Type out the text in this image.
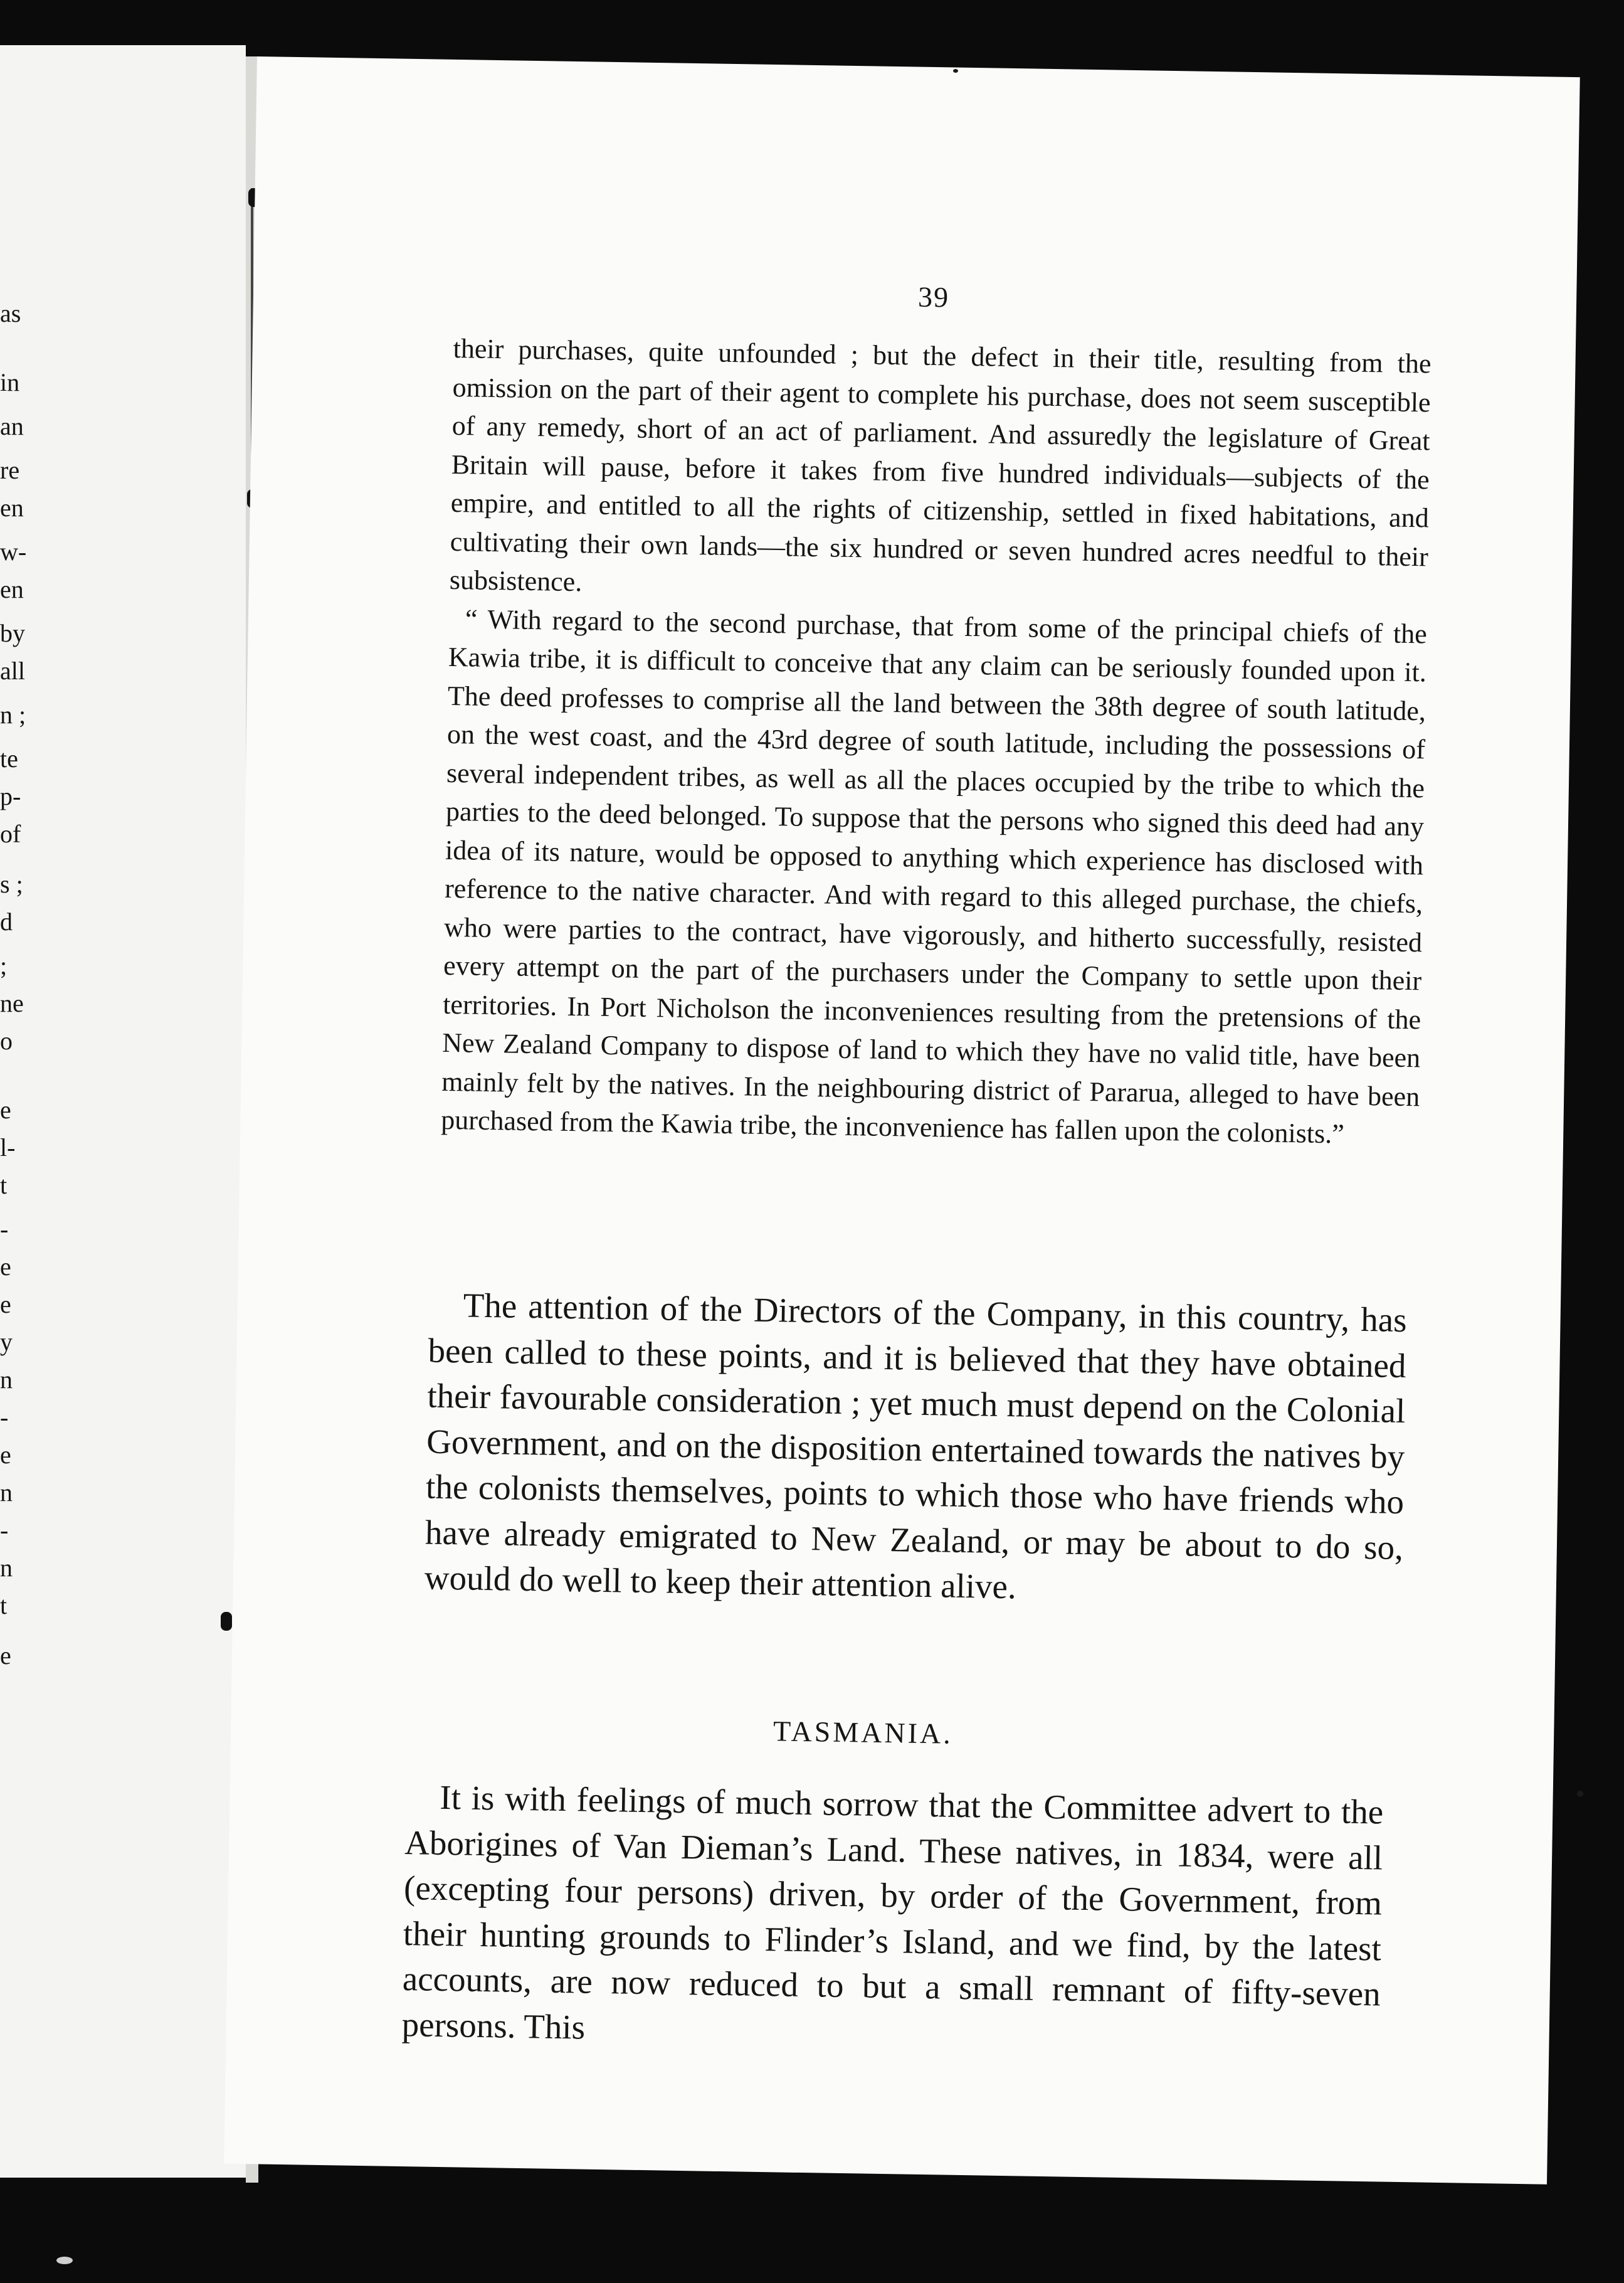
as
in
an
re
en
w-
en
by
all
n ;
te
p-
of
s ;
d
;
ne
o
e
l-
t
-
e
e
y
n
-
e
n
-
n
t
e
39

their purchases, quite unfounded ; but the defect in their title, resulting from the omission on the part of their agent to complete his purchase, does not seem susceptible of any remedy, short of an act of parliament. And assuredly the legislature of Great Britain will pause, before it takes from five hundred individuals—subjects of the empire, and entitled to all the rights of citizenship, settled in fixed habitations, and cultivating their own lands—the six hundred or seven hundred acres needful to their subsistence.

“ With regard to the second purchase, that from some of the principal chiefs of the Kawia tribe, it is difficult to conceive that any claim can be seriously founded upon it. The deed professes to comprise all the land between the 38th degree of south latitude, on the west coast, and the 43rd degree of south latitude, including the possessions of several independent tribes, as well as all the places occupied by the tribe to which the parties to the deed belonged. To suppose that the persons who signed this deed had any idea of its nature, would be opposed to anything which experience has disclosed with reference to the native character. And with regard to this alleged purchase, the chiefs, who were parties to the contract, have vigorously, and hitherto successfully, resisted every attempt on the part of the purchasers under the Company to settle upon their territories. In Port Nicholson the inconveniences resulting from the pretensions of the New Zealand Company to dispose of land to which they have no valid title, have been mainly felt by the natives. In the neighbouring district of Pararua, alleged to have been purchased from the Kawia tribe, the inconvenience has fallen upon the colonists.”

The attention of the Directors of the Company, in this country, has been called to these points, and it is believed that they have obtained their favourable consideration ; yet much must depend on the Colonial Government, and on the disposition entertained towards the natives by the colonists themselves, points to which those who have friends who have already emigrated to New Zealand, or may be about to do so, would do well to keep their attention alive.

TASMANIA.

It is with feelings of much sorrow that the Committee advert to the Aborigines of Van Dieman’s Land. These natives, in 1834, were all (excepting four persons) driven, by order of the Government, from their hunting grounds to Flinder’s Island, and we find, by the latest accounts, are now reduced to but a small remnant of fifty-seven persons. This
